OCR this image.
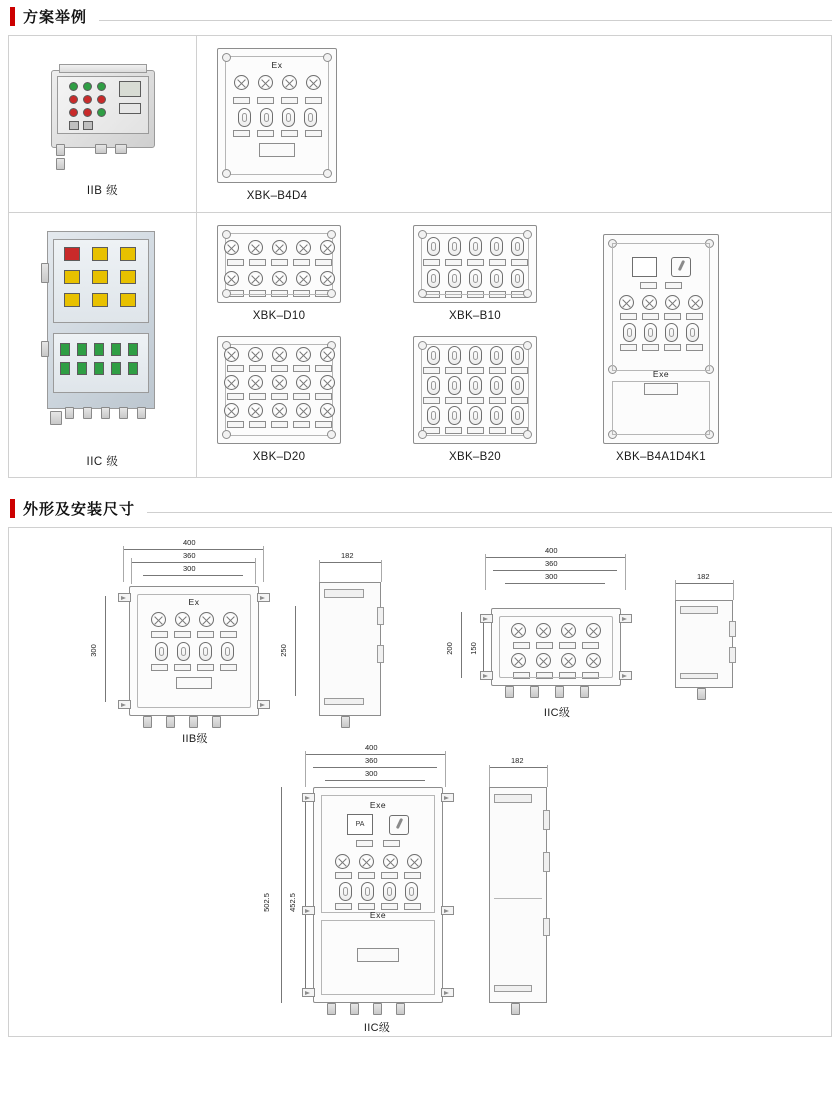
方案举例
IIB 级
Ex
XBK–B4D4
IIC 级
XBK–D10	XBK–B10
XBK–D20	XBK–B20
Exe
XBK–B4A1D4K1
外形及安装尺寸
400
360
300
300	250
Ex
IIB级
182
400
360
300
200 150
IIC级
182
400
360
300
502.5 452.5
Exe
PA
Exe
IIC级
182
